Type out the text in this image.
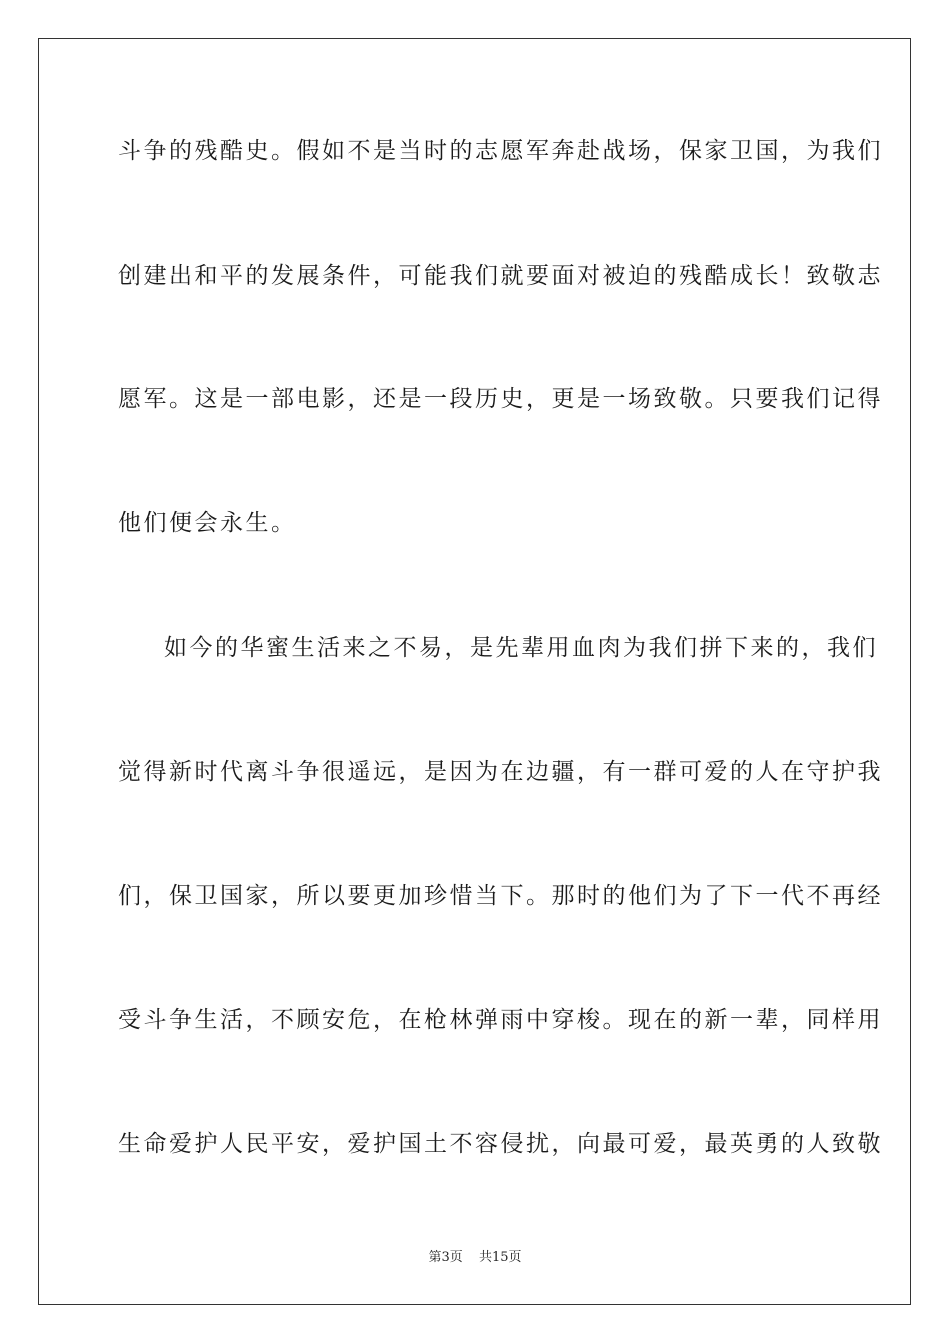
斗争的残酷史。假如不是当时的志愿军奔赴战场，保家卫国，为我们
创建出和平的发展条件，可能我们就要面对被迫的残酷成长！致敬志
愿军。这是一部电影，还是一段历史，更是一场致敬。只要我们记得
他们便会永生。
如今的华蜜生活来之不易，是先辈用血肉为我们拼下来的，我们
觉得新时代离斗争很遥远，是因为在边疆，有一群可爱的人在守护我
们，保卫国家，所以要更加珍惜当下。那时的他们为了下一代不再经
受斗争生活，不顾安危，在枪林弹雨中穿梭。现在的新一辈，同样用
生命爱护人民平安，爱护国土不容侵扰，向最可爱，最英勇的人致敬
第3页 共15页
